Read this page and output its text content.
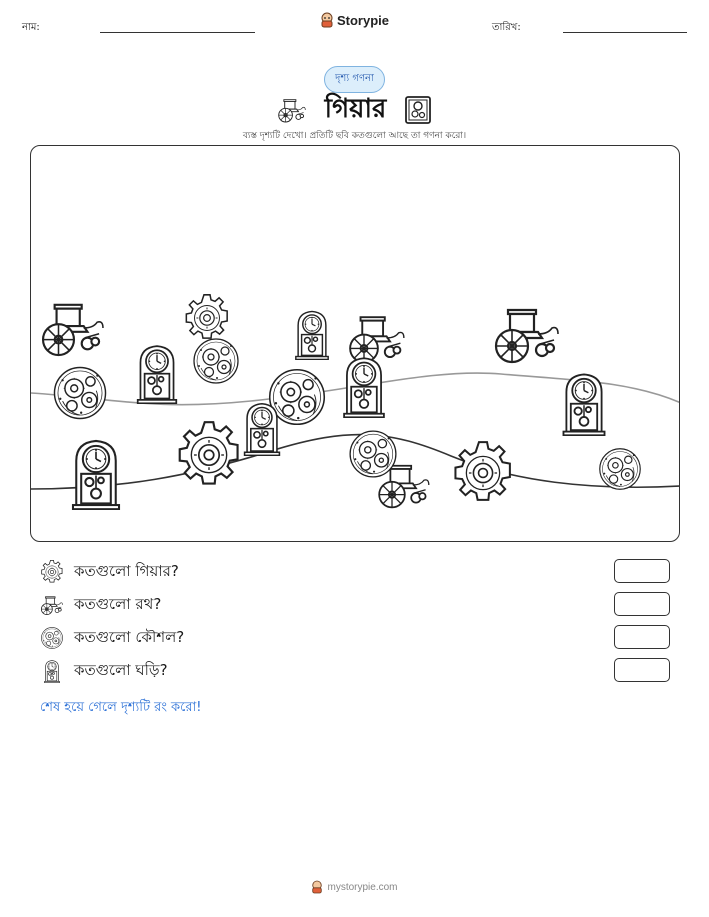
নাম:	Storypie	তারিখ:
দৃশ্য গণনা
গিয়ার
ব্যস্ত দৃশ্যটি দেখো। প্রতিটি ছবি কতগুলো আছে তা গণনা করো।
কতগুলো গিয়ার?
কতগুলো রথ?
কতগুলো কৌশল?
কতগুলো ঘড়ি?
শেষ হয়ে গেলে দৃশ্যটি রং করো!
mystorypie.com
